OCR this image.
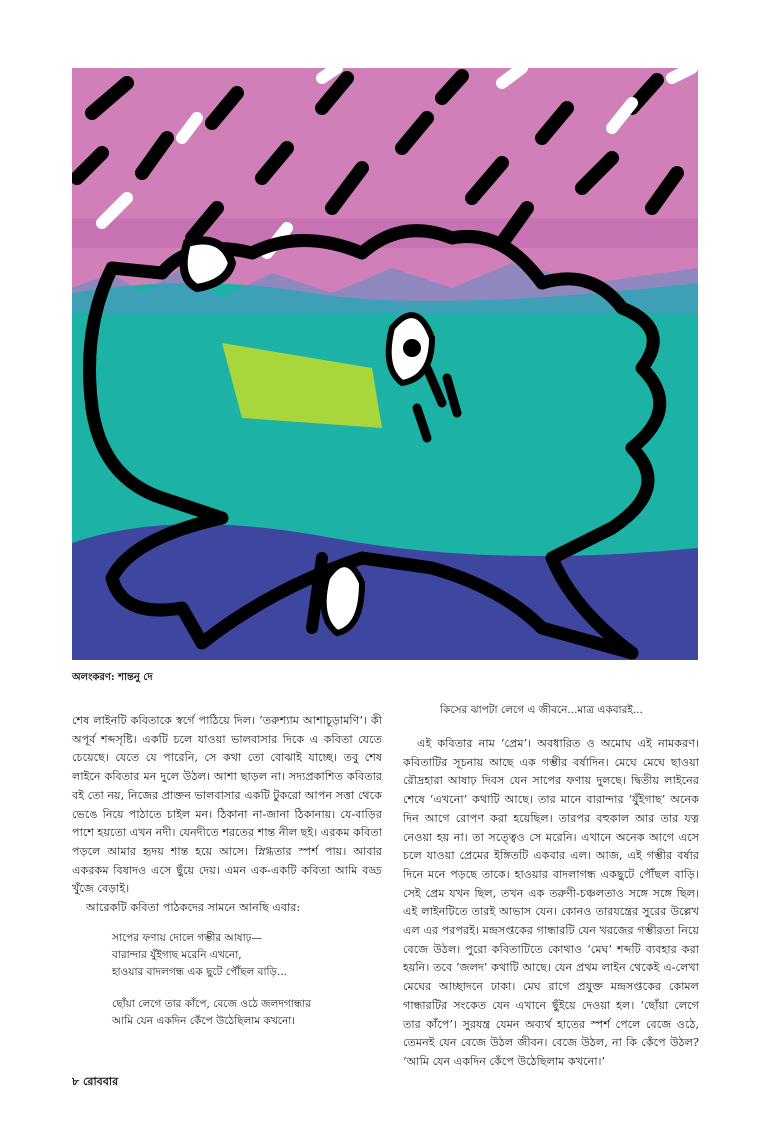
অলংকরণ: শান্তনু দে
কিসের ঝাপটা লেগে এ জীবনে...মাত্র একবারই...

শেষ লাইনটি কবিতাকে স্বর্গে পাঠিয়ে দিল। ‘তরুশ্যাম আশাচূড়ামণি’। কী অপূর্ব শব্দসৃষ্টি। একটি চলে যাওয়া ভালবাসার দিকে এ কবিতা যেতে চেয়েছে। যেতে যে পারেনি, সে কথা তো বোঝাই যাচ্ছে। তবু শেষ লাইনে কবিতার মন দুলে উঠল। আশা ছাড়ল না। সদ্যপ্রকাশিত কবিতার বই তো নয়, নিজের প্রাক্তন ভালবাসার একটি টুকরো আপন সত্তা থেকে ভেঙে নিয়ে পাঠাতে চাইল মন। ঠিকানা না-জানা ঠিকানায়। যে-বাড়ির পাশে হয়তো এখন নদী। যেনদীতে শরতের শান্ত নীল ছই। এরকম কবিতা পড়লে আমার হৃদয় শান্ত হয়ে আসে। স্নিগ্ধতার স্পর্শ পায়। আবার একরকম বিষাদও এসে ছুঁয়ে দেয়। এমন এক-একটি কবিতা আমি বড্ড খুঁজে বেড়াই।

আরেকটি কবিতা পাঠকদের সামনে আনছি এবার:

সাপের ফণায় দোলে গম্ভীর আষাঢ়—
বারান্দার যুঁইগাছ মরেনি এখনো,
হাওয়ার বাদলগন্ধ এক ছুটে পৌঁছল বাড়ি...
ছোঁয়া লেগে তার কাঁপে, বেজে ওঠে জলদগান্ধার
আমি যেন একদিন কেঁপে উঠেছিলাম কখনো।

এই কবিতার নাম ‘প্রেম’। অবধারিত ও অমোঘ এই নামকরণ। কবিতাটির সূচনায় আছে এক গম্ভীর বর্ষাদিন। মেঘে মেঘে ছাওয়া রৌদ্রহারা আষাঢ় দিবস যেন সাপের ফণায় দুলছে। দ্বিতীয় লাইনের শেষে ‘এখনো’ কথাটি আছে। তার মানে বারান্দার ‘যুঁইগাছ’ অনেক দিন আগে রোপণ করা হয়েছিল। তারপর বহুকাল আর তার যত্ন নেওয়া হয় না। তা সত্ত্বেও সে মরেনি। এখানে অনেক আগে এসে চলে যাওয়া প্রেমের ইঙ্গিতটি একবার এল। আজ, এই গম্ভীর বর্ষার দিনে মনে পড়ছে তাকে। হাওয়ার বাদলাগন্ধ একছুটে পৌঁছল বাড়ি। সেই প্রেম যখন ছিল, তখন এক তরুণী-চঞ্চলতাও সঙ্গে সঙ্গে ছিল। এই লাইনটিতে তারই আভাস যেন। কোনও তারযন্ত্রের সুরের উল্লেখ এল এর পরপরই। মন্দ্রসপ্তকের গান্ধারটি যেন খরজের গম্ভীরতা নিয়ে বেজে উঠল। পুরো কবিতাটিতে কোথাও ‘মেঘ’ শব্দটি ব্যবহার করা হয়নি। তবে ‘জলদ’ কথাটি আছে। যেন প্রথম লাইন থেকেই এ-লেখা মেঘের আচ্ছাদনে ঢাকা। মেঘ রাগে প্রযুক্ত মন্দ্রসপ্তকের কোমল গান্ধারটির সংকেত যেন এখানে ছুঁইয়ে দেওয়া হল। ‘ছোঁয়া লেগে তার কাঁপে’। সুরযন্ত্র যেমন অব্যর্থ হাতের স্পর্শ পেলে বেজে ওঠে, তেমনই যেন বেজে উঠল জীবন। বেজে উঠল, না কি কেঁপে উঠল? ‘আমি যেন একদিন কেঁপে উঠেছিলাম কখনো।’

৮ রোববার
